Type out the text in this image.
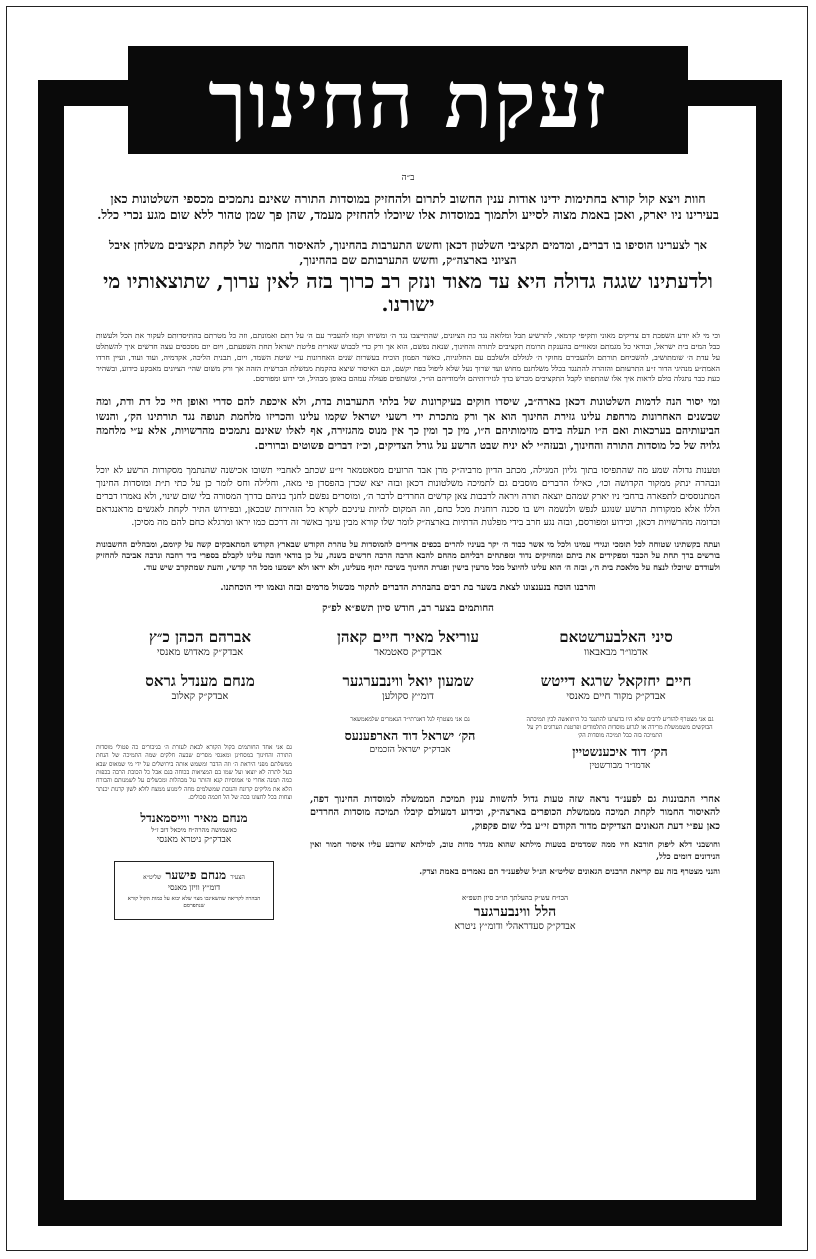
זעקת החינוך
ב״ה

חוות ויצא קול קורא בחתימות ידינו אודות ענין החשוב לתרום ולהחזיק במוסדות התורה שאינם נתמכים מכספי השלטונות כאן בעירינו ניו יארק, ואכן באמת מצוה לסייע ולתמוך במוסדות אלו שיוכלו להחזיק מעמד, שהן פך שמן טהור ללא שום מגע נכרי כלל.

אך לצערינו הוסיפו בו דברים, ומדמים תקציבי השלטון דכאן וחשש התערבות בהחינוך, להאיסור החמור של לקחת תקציבים משלחן איבל הציוני בארצה״ק, וחשש התערבותם שם בהחינוך,

ולדעתינו שגגה גדולה היא עד מאוד ונזק רב כרוך בזה לאין ערוך, שתוצאותיו מי ישורנו.

וכי מי לא יודע השפכת דם צדיקים מאוני ותקיפי קדמאי, להרשיע תבל ומלואה נגד כת הציונים, שהתייצבו נגד ה׳ ומשיחו וקמו להעביר עם ה׳ על דתם ואמונתם, וזה כל מטרתם בהתיסדותם לעקור את הכל ולעשות כבל המים בית ישראל, ובודאי כל מגמתם ומאוויים בהענקת תרומת תקציבים לתורה והחינוך, שנאת נפשם, הוא אך ורק כדי לכבוש שארית פליטת ישראל תחת השפעתם, ויום יום מסכסים עצה חדשים איך להשתלט על עדת ה׳ שומתושיב, להשכיחם תורתם ולהעבירם מחוקי ה׳ לגוללם ולשלבם עם החלוניות, כאשר הפמון הוכיח בעשרות שנים האחרונות ע״י שיטת השמד, ויום, תבנית הליכה, אקדמיה, ועוד ועוד, ועיין חרדו האמת״ע מנהיגי הדור ז״ע התרעותם והזהרה להתנגד בכלל משלחנם מחוש ועד שרוך נעל שלא ליפול בפח יקשם, וגם האיסור שיצא בהקמת ממשלת הברשית הזהה אך ורק משום שהי׳ הציונים מאבקע כידוע, ובשהיר כעת כבר נתגלה כולם לראות איך אלו שהתפתו לקבל התקציבים מכרש בדך לגזירותיהם ולימודיהם הו״ר, ומשתפים פעולה עמהם באופן מבהיל, וכי ידוע ומפורסם.

ומי יסור הנה לדמות השלטונות דכאן בארה״ב, שיסדו חוקים בעיקרונות של בלתי התערבות בדת, ולא איכפת להם סדרי ואופן חיי כל דת ודת, ומה שבשנים האחרונות מרחפת עלינו גזירת החינוך הוא אך ורק מתכרת ידי רשעי ישראל שקמו עלינו והכריזו מלחמת תנופה נגד תורתינו הק׳, והנשו הביעותיהם בערכאות ואם ה״ו תעלה בידם מזימותיהם ה״ו, מין כך ומין כך אין מנוס מהגזירה, אף לאלו שאינם נתמכים מהרשויות, אלא ע״י מלחמה גלויה של כל מוסדות התורה והחינוך, ובעזה״י לא יניח שבט הרשע על גורל הצדיקים, וכ״ז דברים פשוטים וברורים.

וטענות גדולה שמע מה שהתפיסו בתוך גליון המגילה, מכתב הדיון מרביה״ק מרן אבד הרועים מסאטמאר זי״ע שכתב לאחביי תשובו אכישנה שהנתמך מסקורות הרשע לא יוכל ונבהרה ינתק ממקור הקדושה וכו׳, כאילו הדברים מוסבים גם לתמיכה משלטונות דכאן ובזה יצא שכרן בהפסדן פי מאה, וחלילה וחס לומר כן על כתי ת״ת ומוסדות החינוך המתנוססים לתפארה ברחבי ניו יארק שמהם יוצאה תורה ויראה לרבבות צאן קדשים החרדים לדבר ה׳, ומוסרים נפשם לחנך בניהם בדרך המסורה בלי שום שינוי, ולא נאמרו דברים הללו אלא ממקורות הרשע שנוגע לנפש ולנשמה ויש בו סכנה רוחנית מכל כחם, וזה המקום להיות עיניכם לקרא כל הזהירות שבכאן, ובפירוש התיר לקחת לאגשים מראנגראם וכדומה מהרשויות דכאן, וכידוע ומפורסם, ובזה נגע חרב בידי מפלגות הדתיות בארצה״ק לומר שלו קורא מבין עינך באשר זה דרכם כמו יראו ומרגלא כחם להם מה מסיכן.

ועתה בקשתינו שטוחה לכל תומכי ונגידי עמינו ולכל מי אשר כבוד ה׳ יקר בעיניו להרים בכפים אדירים להמוסדות על טהרת הקודש שבארץ הקודש המתאבקים קשה על קיומם, ומבהלים החשבונות בורשים ברך תחת על הכבד ומפקידים את ביתם ומחזיקים נדוד ומפתחים רבליהם מהחם להבא הרבה הרבה חדשים בשנה, על כן בודאי חובה עלינו לקבלם בספרי ביד רחבה ונדבה אביבה להחזיק ולעודדם שיוכלו לנצח על מלאכת בית ה׳, ובזה ה׳ הוא עלינו להיוצל מכל מרעין בישין ופגרת החינוך בשיבה יתוף מעלינו, ולא יראו ולא ישמעו מכל הר קדשי, והעת שמתקרב שיש עוד.

והרבנו הוכח בנענצונו לצאת בשער בת רבים בהבהרת הדברים לתקור מכשול מרמים ובזה ונאמו ידי הוכחתנו.

החותמים בצער רב, חודש סיון תשפ״א לפ״ק
סיני האלבערשטאם
אדמו״ר מבאבאוו
עוריאל מאיר חיים קאהן
אבדק״ק סאטמאר
אברהם הכהן כ״ץ
אבדק״ק מאדוש מאנסי
חיים יחזקאל שרגא דייטש
אבדק״ק מקור חיים מאנסי
שמעון יואל ווינבערגער
דומ״ץ סקולען
מנחם מענדל גראס
אבדק״ק קאלוב
גם אני מצטרף להוריע לרבים שלא היו בדעתנו להתנגד כל היתואשה לבין תמיכתה הבוקשים משממשלת מרידה או לגרוע מוסדות התלמודים ופרטגת הערוגים רק על התמיכה בזה כבל תמיכה מוסדות הק׳
הק׳ דוד איכענשטיין
אדמו״ר מבורשטין
גם אני מצטרף לגל דאגרתי״ד הנאמרים שלמאמשאר
הק׳ ישראל דוד הארפענעס
אבדק״ק ישראל הזכמים

אחרי התבוננות גם לפענ״ד נראה שזה טעות גדול להשוות ענין תמיכת הממשלה למוסדות החינוך דפה, להאיסור החמור לקחת תמיכה מממשלת הכופרים בארצה״ק, וכידוע דמעולם קיבלו תמיכה מוסדות החרדים כאן עפ״י דעת הגאונים הצדיקים מדור הקודם זי״ע בלי שום פקפוק,

וחושבני דלא ליפוק חורבא חיו ממה שמדמים בטעות מילתא שהוא מגדר מדות טוב, למילתא שרובע עליו איסור חמור ואין הנידונים דומים כלל,

והנני מצטרף בזה עם קריאת הרבנים הגאונים שליט״א הנ״ל שלפענ״ד הם נאמרים באמת וצדק.

הכו״ח עש״ק בהעלתך תו״ב סיון תשפ״א
הלל ווינבערגער
אבדק״ק סעדראהלי ודומ״ץ ניטרא
גם אני אחד החותמים בקול הקורא לבאת לעזרת ה׳ בגיבורים כה פטולי מוסדות התורה והחינוך במסחינן ומאנסי מסרים שבעה חלקים שמה התמיכה של הנחת ממשלתם מפני היראת ה׳ וזה הדבר ומשמש אותה בירושלים על ידי מי שמאוס שבא בעל לתרה לא יוצאו ועל שמו בם המציאות בכוחה בגם אבל כל הכובת הרבה בכפות כמה תמנה אחרי פי אמוסיות קנא והותר על מבהלות ומכשלים על לשמנותם והבורח הלא את מליקים קרונח והגובת שמשלמים מחה לימנוע ממצח לולא לשון קרנות יכנתר וצחות בכל לחצונו בכה של הל חכמה סכולים.
מנחם מאיר ווייסמאנדל
כאשמושה מהרה״ח מיכאל דוב ז״ל
אבדק״ק ניטרא מאנסי
הצעיר מנחם פישער שליט״א
דומ״ץ וויזן מאנסי
הבהרה לקריאה שהשאינכו מצוי שלא יבוא על כמות הקול קורא שנתפרסם
